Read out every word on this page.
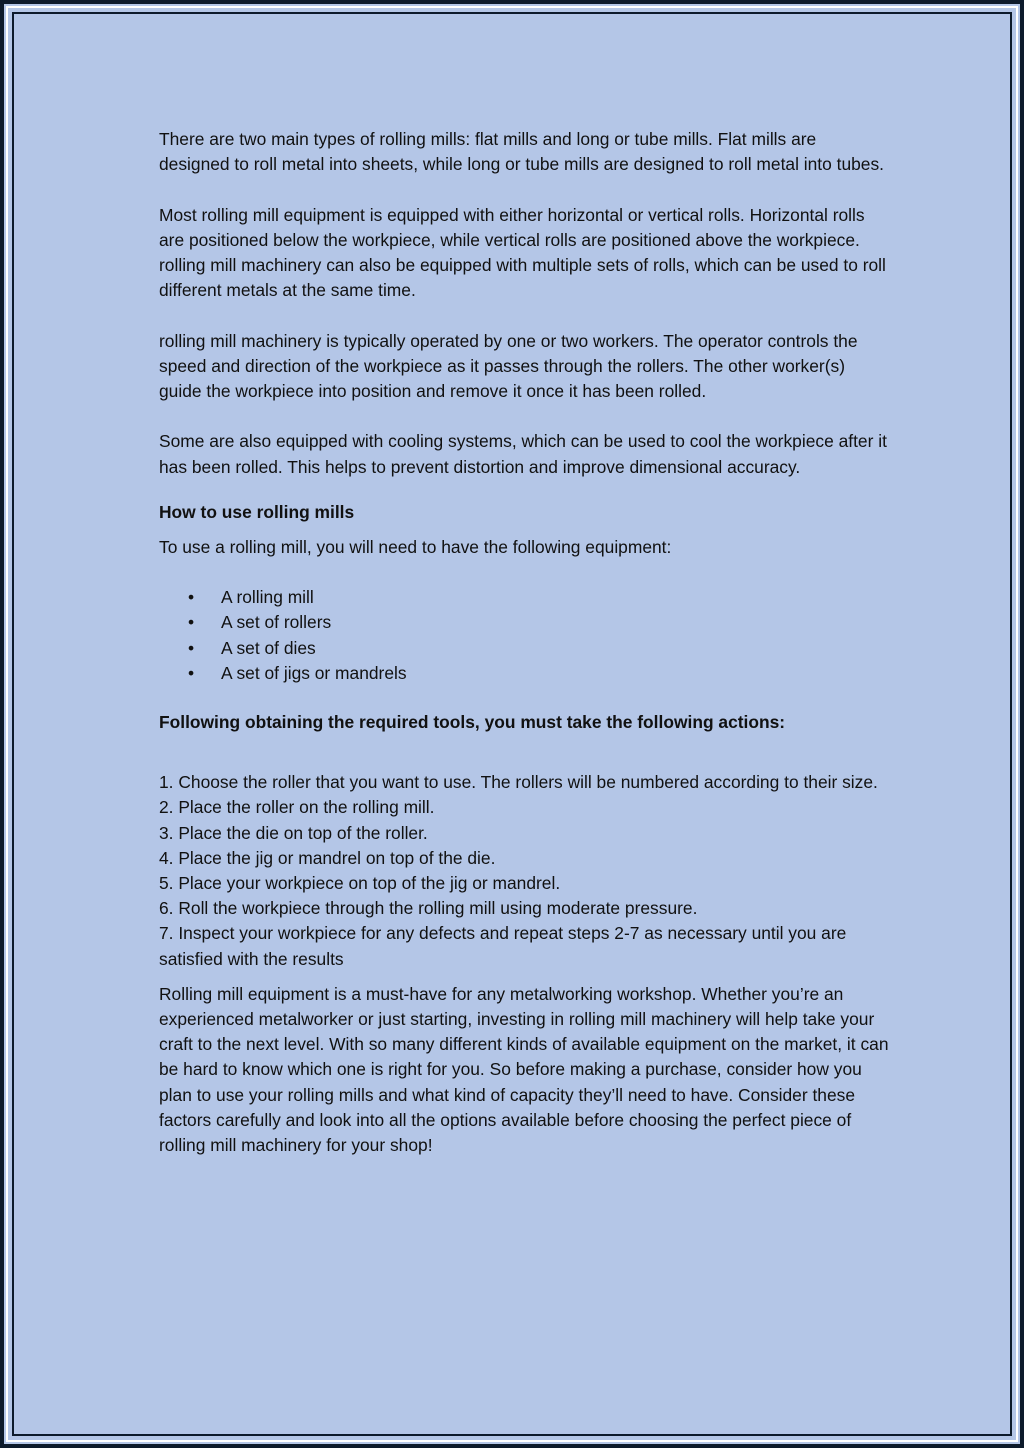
There are two main types of rolling mills: flat mills and long or tube mills. Flat mills are designed to roll metal into sheets, while long or tube mills are designed to roll metal into tubes.

Most rolling mill equipment is equipped with either horizontal or vertical rolls. Horizontal rolls are positioned below the workpiece, while vertical rolls are positioned above the workpiece. rolling mill machinery can also be equipped with multiple sets of rolls, which can be used to roll different metals at the same time.

rolling mill machinery is typically operated by one or two workers. The operator controls the speed and direction of the workpiece as it passes through the rollers. The other worker(s) guide the workpiece into position and remove it once it has been rolled.

Some are also equipped with cooling systems, which can be used to cool the workpiece after it has been rolled. This helps to prevent distortion and improve dimensional accuracy.

How to use rolling mills

To use a rolling mill, you will need to have the following equipment:

• A rolling mill
• A set of rollers
• A set of dies
• A set of jigs or mandrels

Following obtaining the required tools, you must take the following actions:

1. Choose the roller that you want to use. The rollers will be numbered according to their size.

2. Place the roller on the rolling mill.

3. Place the die on top of the roller.

4. Place the jig or mandrel on top of the die.

5. Place your workpiece on top of the jig or mandrel.

6. Roll the workpiece through the rolling mill using moderate pressure.

7. Inspect your workpiece for any defects and repeat steps 2-7 as necessary until you are satisfied with the results

Rolling mill equipment is a must-have for any metalworking workshop. Whether you’re an experienced metalworker or just starting, investing in rolling mill machinery will help take your craft to the next level. With so many different kinds of available equipment on the market, it can be hard to know which one is right for you. So before making a purchase, consider how you plan to use your rolling mills and what kind of capacity they’ll need to have. Consider these factors carefully and look into all the options available before choosing the perfect piece of rolling mill machinery for your shop!
